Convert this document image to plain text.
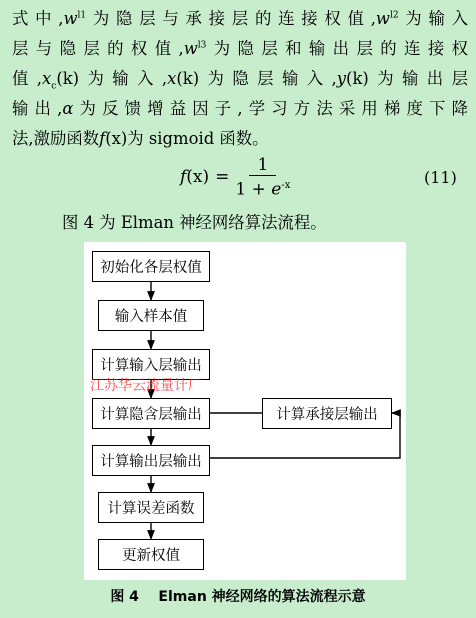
式中$,w^{l1}$为隐层与承接层的连接权值$,w^{l2}$为输入
层与隐层的权值$,w^{l3}$为隐层和输出层的连接权
值$,x_c(k)$为输入,x(k)为隐层输入,y(k)为输出层
输出,α为反馈增益因子,学习方法采用梯度下降
法,激励函数f(x)为 sigmoid 函数。
f $(x) = \frac{1}{1 + e^{-x}}$	(11)
图 4 为 Elman 神经网络算法流程。
初始化各层权值
输入样本值
计算输入层输出
计算隐含层输出
计算输出层输出
计算误差函数
更新权值
计算承接层输出
江苏华云流量计厂
图 4    Elman 神经网络的算法流程示意
